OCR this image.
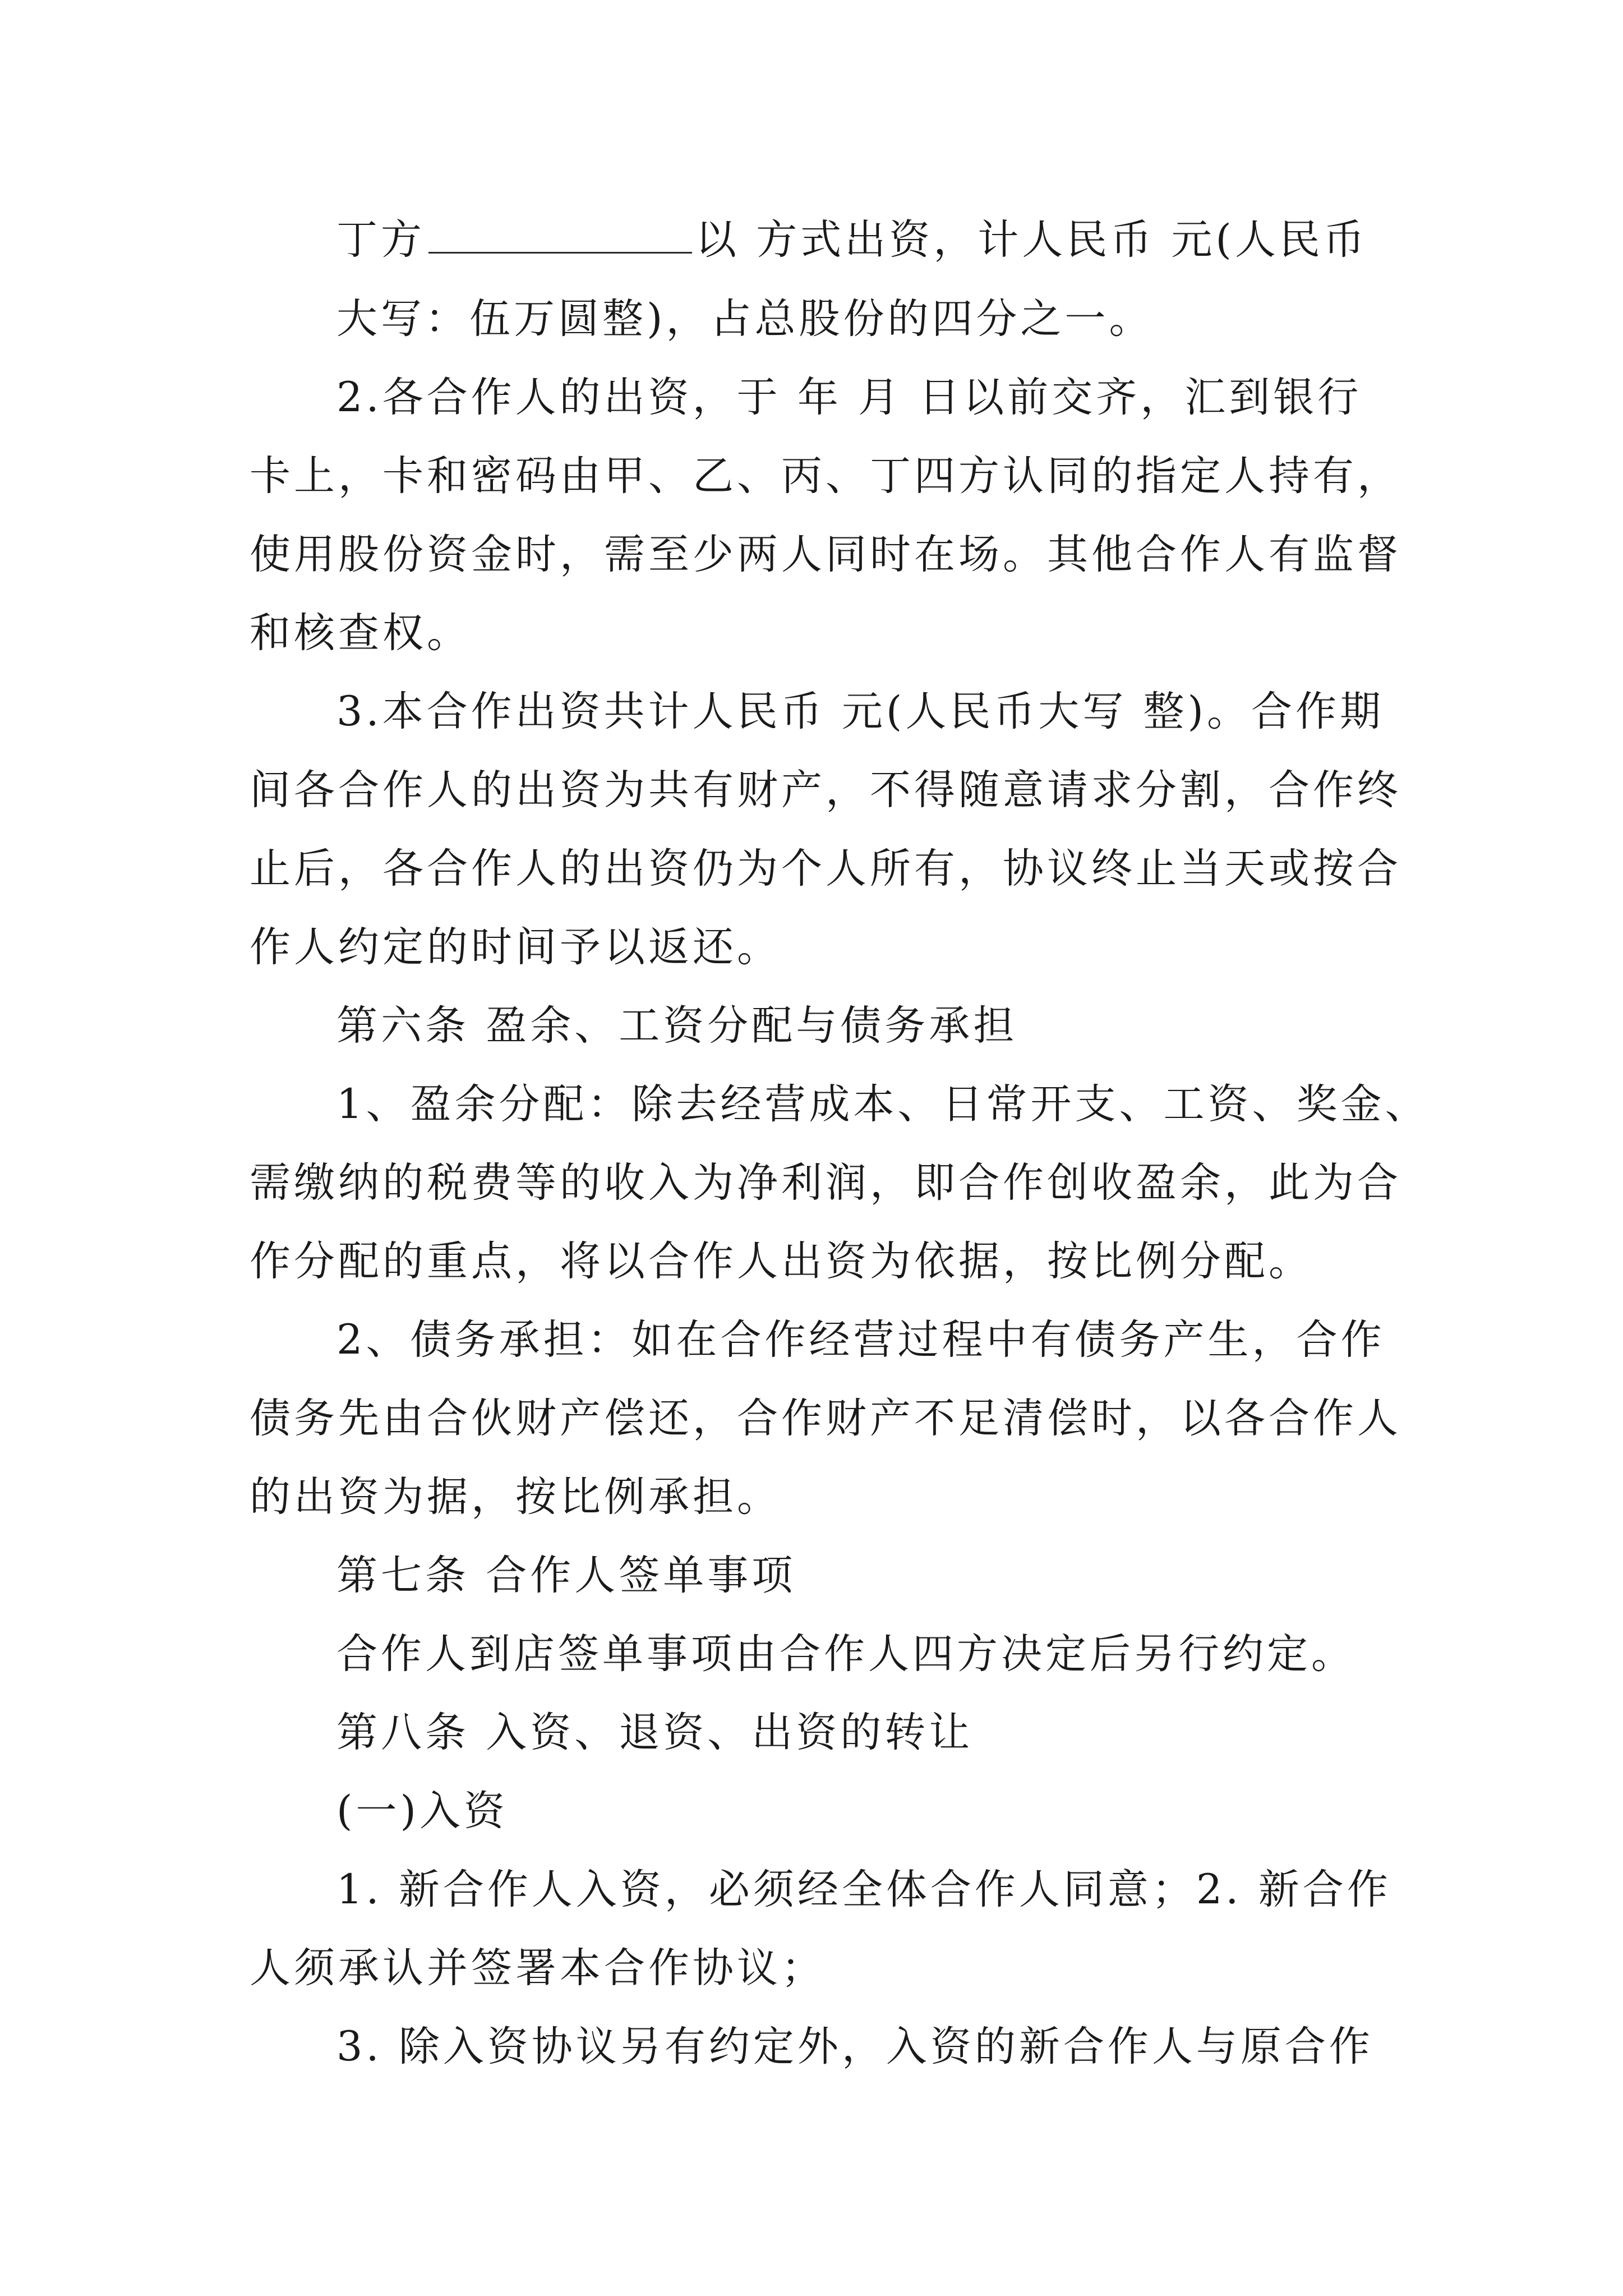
丁方	以 方式出资，计人民币 元(人民币
大写：伍万圆整)，占总股份的四分之一。
2.各合作人的出资，于 年 月 日以前交齐，汇到银行
卡上，卡和密码由甲、乙、丙、丁四方认同的指定人持有，
使用股份资金时，需至少两人同时在场。其他合作人有监督
和核查权。
3.本合作出资共计人民币 元(人民币大写 整)。合作期
间各合作人的出资为共有财产，不得随意请求分割，合作终
止后，各合作人的出资仍为个人所有，协议终止当天或按合
作人约定的时间予以返还。
第六条 盈余、工资分配与债务承担
1、盈余分配：除去经营成本、日常开支、工资、奖金、
需缴纳的税费等的收入为净利润，即合作创收盈余，此为合
作分配的重点，将以合作人出资为依据，按比例分配。
2、债务承担：如在合作经营过程中有债务产生，合作
债务先由合伙财产偿还，合作财产不足清偿时，以各合作人
的出资为据，按比例承担。
第七条 合作人签单事项
合作人到店签单事项由合作人四方决定后另行约定。
第八条 入资、退资、出资的转让
(一)入资
1. 新合作人入资，必须经全体合作人同意；2. 新合作
人须承认并签署本合作协议；
3. 除入资协议另有约定外，入资的新合作人与原合作
